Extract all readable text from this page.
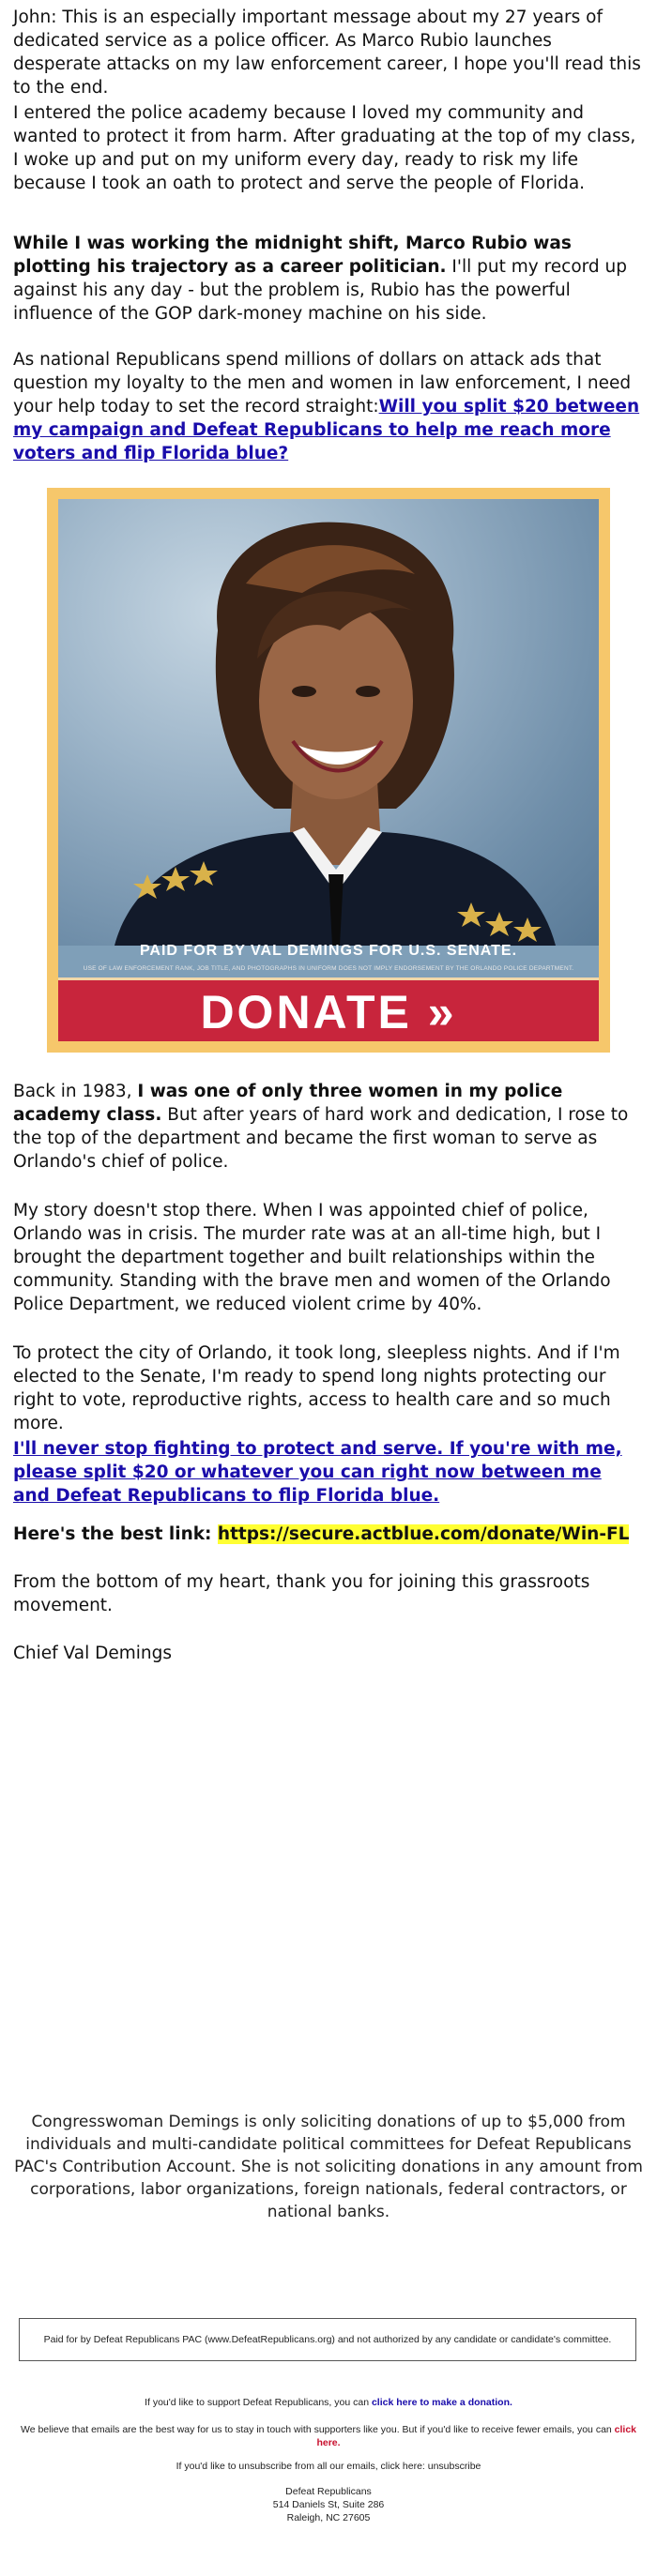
John: This is an especially important message about my 27 years of dedicated service as a police officer. As Marco Rubio launches desperate attacks on my law enforcement career, I hope you'll read this to the end.

I entered the police academy because I loved my community and wanted to protect it from harm. After graduating at the top of my class, I woke up and put on my uniform every day, ready to risk my life because I took an oath to protect and serve the people of Florida.

While I was working the midnight shift, Marco Rubio was plotting his trajectory as a career politician. I'll put my record up against his any day - but the problem is, Rubio has the powerful influence of the GOP dark-money machine on his side.

As national Republicans spend millions of dollars on attack ads that question my loyalty to the men and women in law enforcement, I need your help today to set the record straight:Will you split $20 between my campaign and Defeat Republicans to help me reach more voters and flip Florida blue?

PAID FOR BY VAL DEMINGS FOR U.S. SENATE.
USE OF LAW ENFORCEMENT RANK, JOB TITLE, AND PHOTOGRAPHS IN UNIFORM DOES NOT IMPLY ENDORSEMENT BY THE ORLANDO POLICE DEPARTMENT.
DONATE »

Back in 1983, I was one of only three women in my police academy class. But after years of hard work and dedication, I rose to the top of the department and became the first woman to serve as Orlando's chief of police.

My story doesn't stop there. When I was appointed chief of police, Orlando was in crisis. The murder rate was at an all-time high, but I brought the department together and built relationships within the community. Standing with the brave men and women of the Orlando Police Department, we reduced violent crime by 40%.

To protect the city of Orlando, it took long, sleepless nights. And if I'm elected to the Senate, I'm ready to spend long nights protecting our right to vote, reproductive rights, access to health care and so much more.

I'll never stop fighting to protect and serve. If you're with me, please split $20 or whatever you can right now between me and Defeat Republicans to flip Florida blue.

Here's the best link: https://secure.actblue.com/donate/Win-FL

From the bottom of my heart, thank you for joining this grassroots movement.

Chief Val Demings

Congresswoman Demings is only soliciting donations of up to $5,000 from individuals and multi-candidate political committees for Defeat Republicans PAC's Contribution Account. She is not soliciting donations in any amount from corporations, labor organizations, foreign nationals, federal contractors, or national banks.

Paid for by Defeat Republicans PAC (www.DefeatRepublicans.org) and not authorized by any candidate or candidate's committee.

If you'd like to support Defeat Republicans, you can click here to make a donation.

We believe that emails are the best way for us to stay in touch with supporters like you. But if you'd like to receive fewer emails, you can click here.

If you'd like to unsubscribe from all our emails, click here: unsubscribe

Defeat Republicans
514 Daniels St, Suite 286
Raleigh, NC 27605
